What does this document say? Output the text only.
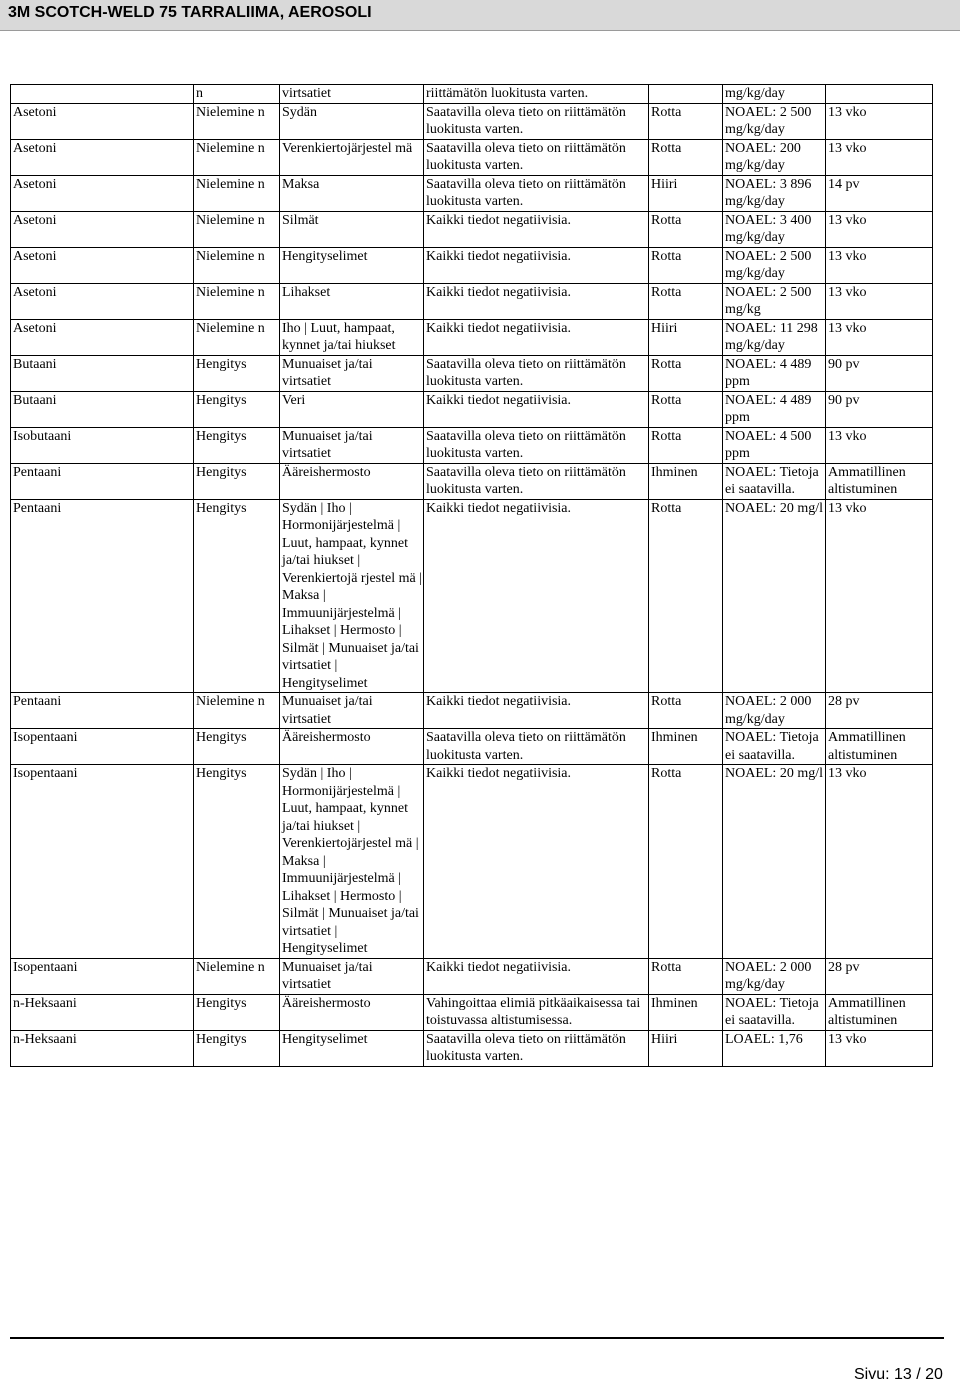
3M SCOTCH-WELD 75 TARRALIIMA, AEROSOLI
	n	virtsatiet	riittämätön luokitusta varten.		mg/kg/day	
Asetoni	Nielemine n	Sydän	Saatavilla oleva tieto on riittämätön luokitusta varten.	Rotta	NOAEL: 2 500 mg/kg/day	13 vko
Asetoni	Nielemine n	Verenkiertojärjestel mä	Saatavilla oleva tieto on riittämätön luokitusta varten.	Rotta	NOAEL: 200 mg/kg/day	13 vko
Asetoni	Nielemine n	Maksa	Saatavilla oleva tieto on riittämätön luokitusta varten.	Hiiri	NOAEL: 3 896 mg/kg/day	14 pv
Asetoni	Nielemine n	Silmät	Kaikki tiedot negatiivisia.	Rotta	NOAEL: 3 400 mg/kg/day	13 vko
Asetoni	Nielemine n	Hengityselimet	Kaikki tiedot negatiivisia.	Rotta	NOAEL: 2 500 mg/kg/day	13 vko
Asetoni	Nielemine n	Lihakset	Kaikki tiedot negatiivisia.	Rotta	NOAEL: 2 500 mg/kg	13 vko
Asetoni	Nielemine n	Iho | Luut, hampaat, kynnet ja/tai hiukset	Kaikki tiedot negatiivisia.	Hiiri	NOAEL: 11 298 mg/kg/day	13 vko
Butaani	Hengitys	Munuaiset ja/tai virtsatiet	Saatavilla oleva tieto on riittämätön luokitusta varten.	Rotta	NOAEL: 4 489 ppm	90 pv
Butaani	Hengitys	Veri	Kaikki tiedot negatiivisia.	Rotta	NOAEL: 4 489 ppm	90 pv
Isobutaani	Hengitys	Munuaiset ja/tai virtsatiet	Saatavilla oleva tieto on riittämätön luokitusta varten.	Rotta	NOAEL: 4 500 ppm	13 vko
Pentaani	Hengitys	Ääreishermosto	Saatavilla oleva tieto on riittämätön luokitusta varten.	Ihminen	NOAEL: Tietoja ei saatavilla.	Ammatillinen altistuminen
Pentaani	Hengitys	Sydän | Iho | Hormonijärjestelmä | Luut, hampaat, kynnet ja/tai hiukset | Verenkiertojä rjestel mä | Maksa | Immuunijärjestelmä | Lihakset | Hermosto | Silmät | Munuaiset ja/tai virtsatiet | Hengityselimet	Kaikki tiedot negatiivisia.	Rotta	NOAEL: 20 mg/l	13 vko
Pentaani	Nielemine n	Munuaiset ja/tai virtsatiet	Kaikki tiedot negatiivisia.	Rotta	NOAEL: 2 000 mg/kg/day	28 pv
Isopentaani	Hengitys	Ääreishermosto	Saatavilla oleva tieto on riittämätön luokitusta varten.	Ihminen	NOAEL: Tietoja ei saatavilla.	Ammatillinen altistuminen
Isopentaani	Hengitys	Sydän | Iho | Hormonijärjestelmä | Luut, hampaat, kynnet ja/tai hiukset | Verenkiertojärjestel mä | Maksa | Immuunijärjestelmä | Lihakset | Hermosto | Silmät | Munuaiset ja/tai virtsatiet | Hengityselimet	Kaikki tiedot negatiivisia.	Rotta	NOAEL: 20 mg/l	13 vko
Isopentaani	Nielemine n	Munuaiset ja/tai virtsatiet	Kaikki tiedot negatiivisia.	Rotta	NOAEL: 2 000 mg/kg/day	28 pv
n-Heksaani	Hengitys	Ääreishermosto	Vahingoittaa elimiä pitkäaikaisessa tai toistuvassa altistumisessa.	Ihminen	NOAEL: Tietoja ei saatavilla.	Ammatillinen altistuminen
n-Heksaani	Hengitys	Hengityselimet	Saatavilla oleva tieto on riittämätön luokitusta varten.	Hiiri	LOAEL: 1,76	13 vko
Sivu: 13 / 20
